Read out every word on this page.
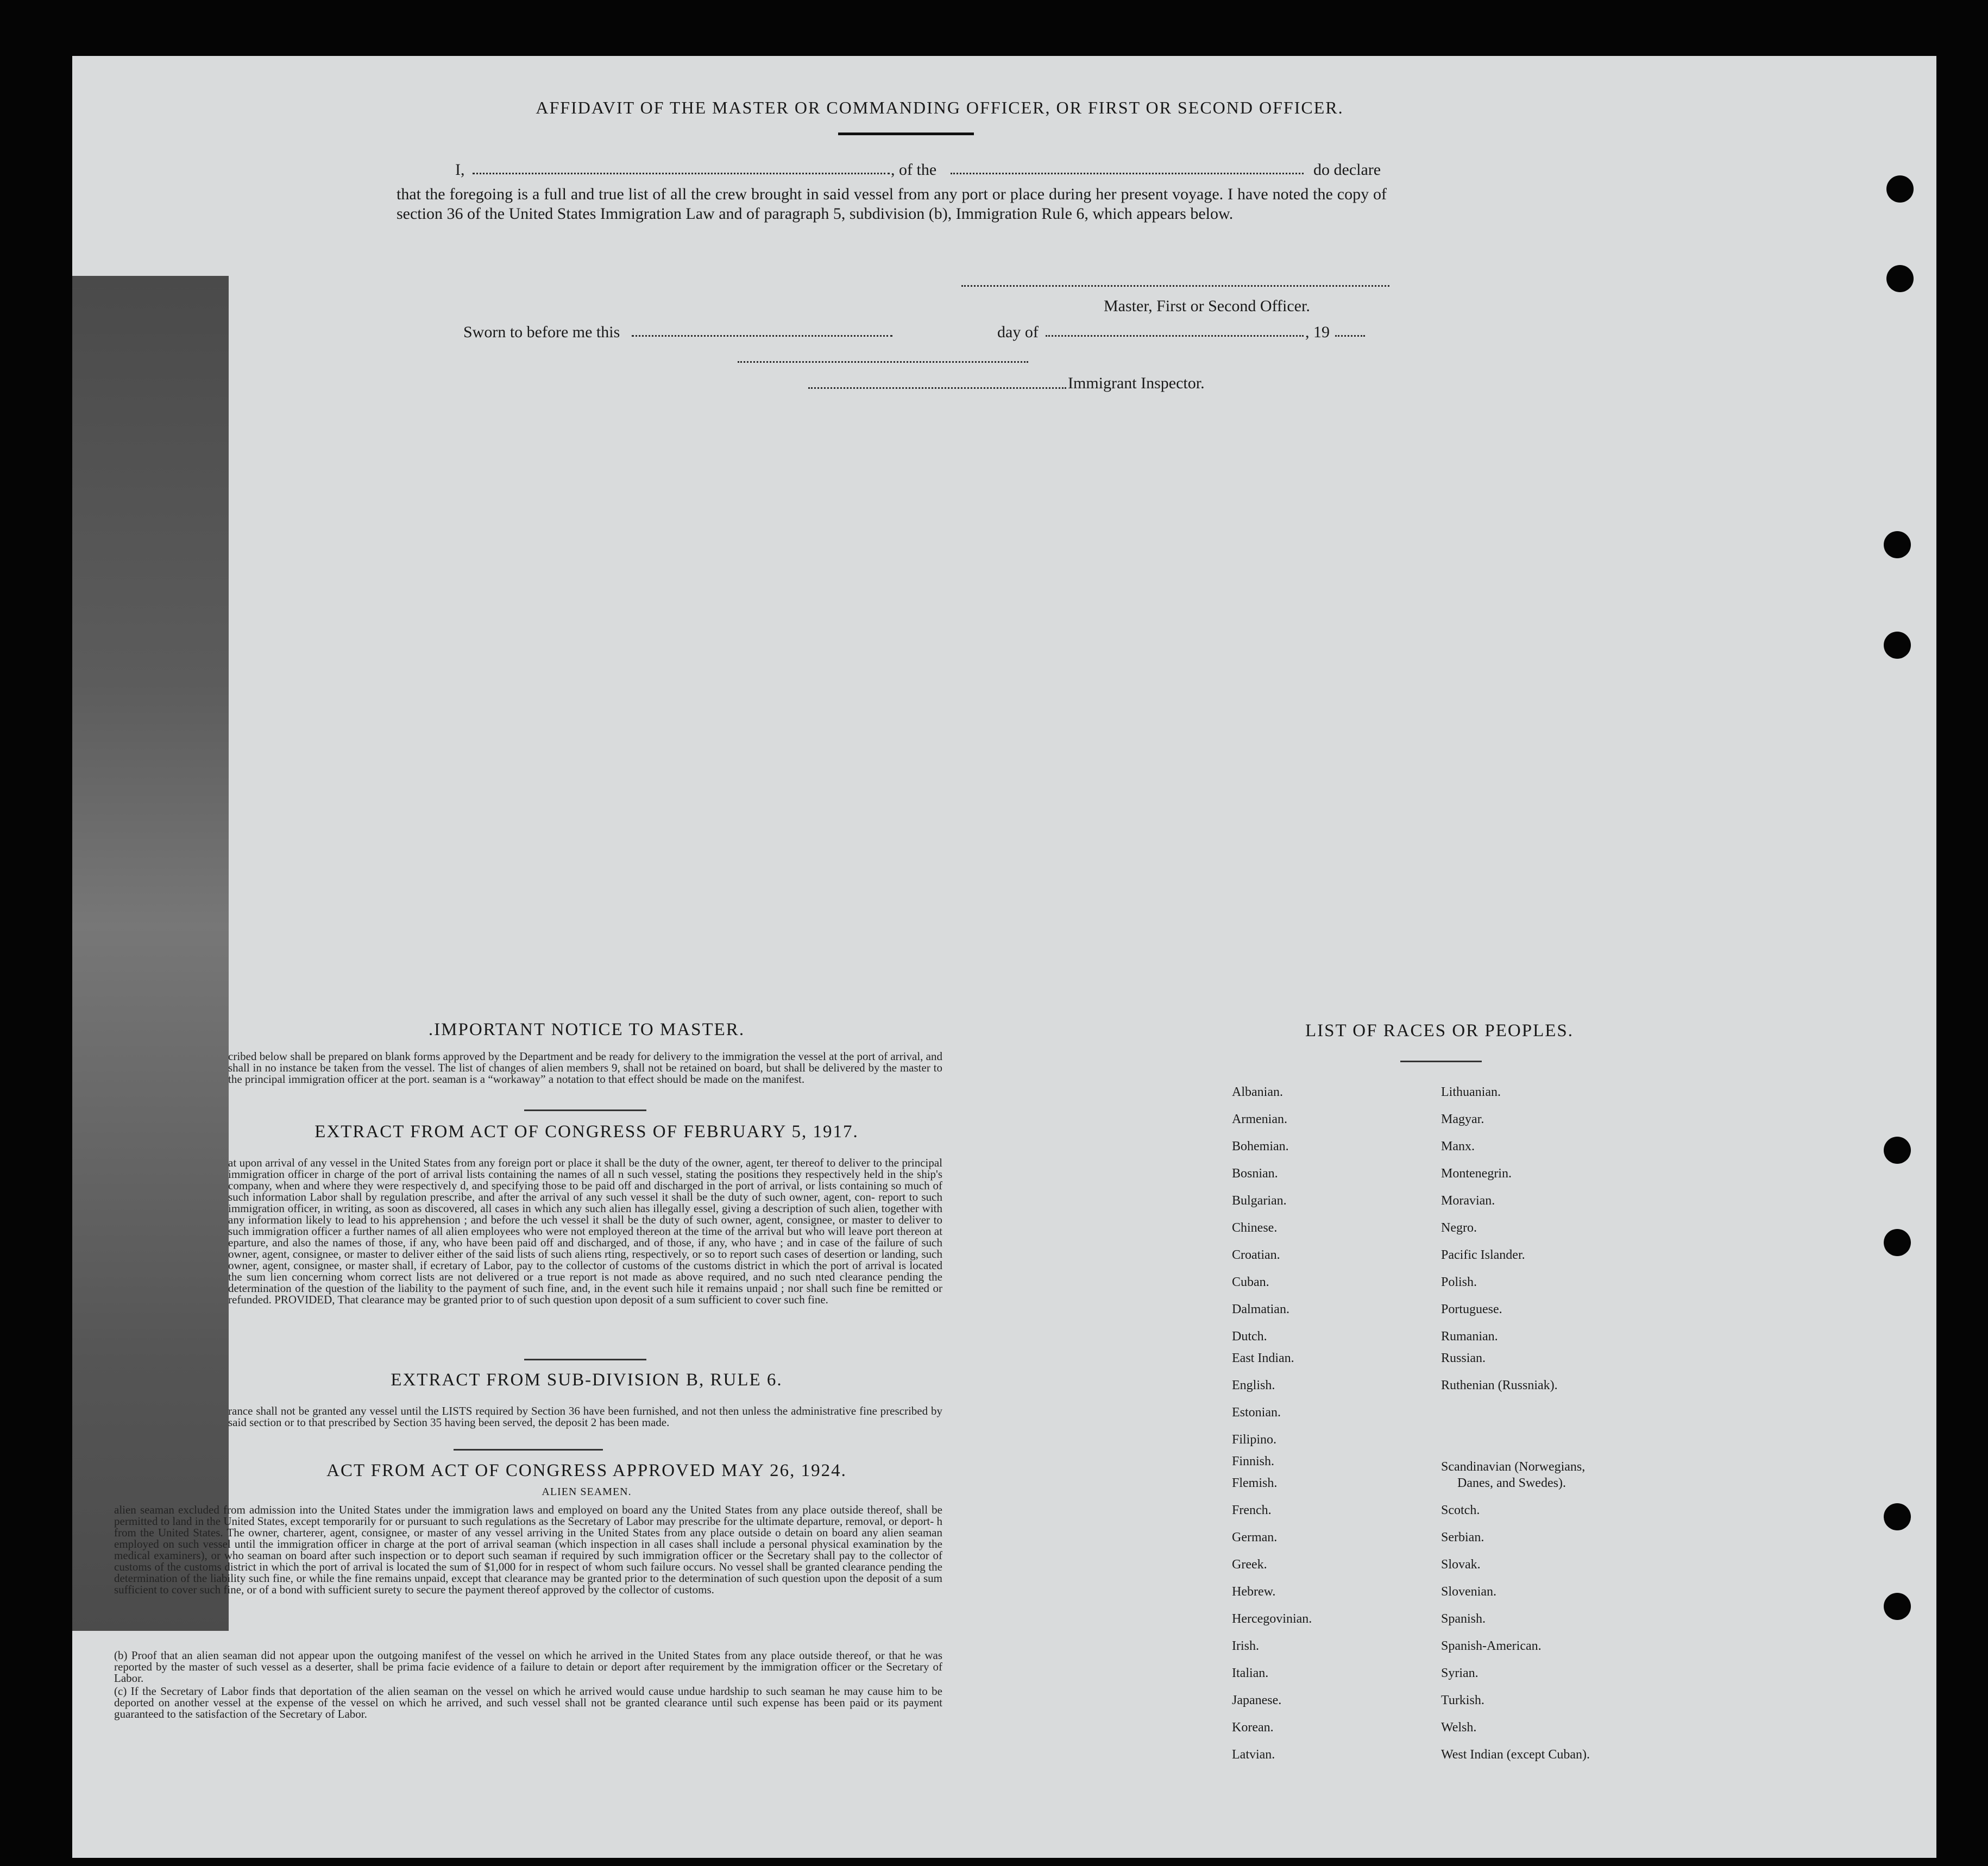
AFFIDAVIT OF THE MASTER OR COMMANDING OFFICER, OR FIRST OR SECOND OFFICER.
I,	, of the	do declare
that the foregoing is a full and true list of all the crew brought in said vessel from any port or place during her present voyage. I have noted the copy of section 36 of the United States Immigration Law and of paragraph 5, subdivision (b), Immigration Rule 6, which appears below.
Master, First or Second Officer.
Sworn to before me this	day of	, 19
Immigrant Inspector.
.IMPORTANT NOTICE TO MASTER.
cribed below shall be prepared on blank forms approved by the Department and be ready for delivery to the immigration the vessel at the port of arrival, and shall in no instance be taken from the vessel. The list of changes of alien members 9, shall not be retained on board, but shall be delivered by the master to the principal immigration officer at the port. seaman is a “workaway” a notation to that effect should be made on the manifest.
EXTRACT FROM ACT OF CONGRESS OF FEBRUARY 5, 1917.
at upon arrival of any vessel in the United States from any foreign port or place it shall be the duty of the owner, agent, ter thereof to deliver to the principal immigration officer in charge of the port of arrival lists containing the names of all n such vessel, stating the positions they respectively held in the ship's company, when and where they were respectively d, and specifying those to be paid off and discharged in the port of arrival, or lists containing so much of such information Labor shall by regulation prescribe, and after the arrival of any such vessel it shall be the duty of such owner, agent, con- report to such immigration officer, in writing, as soon as discovered, all cases in which any such alien has illegally essel, giving a description of such alien, together with any information likely to lead to his apprehension ; and before the uch vessel it shall be the duty of such owner, agent, consignee, or master to deliver to such immigration officer a further names of all alien employees who were not employed thereon at the time of the arrival but who will leave port thereon at eparture, and also the names of those, if any, who have been paid off and discharged, and of those, if any, who have ; and in case of the failure of such owner, agent, consignee, or master to deliver either of the said lists of such aliens rting, respectively, or so to report such cases of desertion or landing, such owner, agent, consignee, or master shall, if ecretary of Labor, pay to the collector of customs of the customs district in which the port of arrival is located the sum lien concerning whom correct lists are not delivered or a true report is not made as above required, and no such nted clearance pending the determination of the question of the liability to the payment of such fine, and, in the event such hile it remains unpaid ; nor shall such fine be remitted or refunded. PROVIDED, That clearance may be granted prior to of such question upon deposit of a sum sufficient to cover such fine.
EXTRACT FROM SUB-DIVISION B, RULE 6.
rance shall not be granted any vessel until the LISTS required by Section 36 have been furnished, and not then unless the administrative fine prescribed by said section or to that prescribed by Section 35 having been served, the deposit 2 has been made.
ACT FROM ACT OF CONGRESS APPROVED MAY 26, 1924.
ALIEN SEAMEN.
alien seaman excluded from admission into the United States under the immigration laws and employed on board any the United States from any place outside thereof, shall be permitted to land in the United States, except temporarily for or pursuant to such regulations as the Secretary of Labor may prescribe for the ultimate departure, removal, or deport- h from the United States. The owner, charterer, agent, consignee, or master of any vessel arriving in the United States from any place outside o detain on board any alien seaman employed on such vessel until the immigration officer in charge at the port of arrival seaman (which inspection in all cases shall include a personal physical examination by the medical examiners), or who seaman on board after such inspection or to deport such seaman if required by such immigration officer or the Secretary shall pay to the collector of customs of the customs district in which the port of arrival is located the sum of $1,000 for in respect of whom such failure occurs. No vessel shall be granted clearance pending the determination of the liability such fine, or while the fine remains unpaid, except that clearance may be granted prior to the determination of such question upon the deposit of a sum sufficient to cover such fine, or of a bond with sufficient surety to secure the payment thereof approved by the collector of customs.
(b) Proof that an alien seaman did not appear upon the outgoing manifest of the vessel on which he arrived in the United States from any place outside thereof, or that he was reported by the master of such vessel as a deserter, shall be prima facie evidence of a failure to detain or deport after requirement by the immigration officer or the Secretary of Labor.
(c) If the Secretary of Labor finds that deportation of the alien seaman on the vessel on which he arrived would cause undue hardship to such seaman he may cause him to be deported on another vessel at the expense of the vessel on which he arrived, and such vessel shall not be granted clearance until such expense has been paid or its payment guaranteed to the satisfaction of the Secretary of Labor.
LIST OF RACES OR PEOPLES.
Albanian.
Armenian.
Bohemian.
Bosnian.
Bulgarian.
Chinese.
Croatian.
Cuban.
Dalmatian.
Dutch.
East Indian.
English.
Estonian.
Filipino.
Finnish.
Flemish.
French.
German.
Greek.
Hebrew.
Hercegovinian.
Irish.
Italian.
Japanese.
Korean.
Latvian.
Lithuanian.
Magyar.
Manx.
Montenegrin.
Moravian.
Negro.
Pacific Islander.
Polish.
Portuguese.
Rumanian.
Russian.
Ruthenian (Russniak).
Scandinavian (Norwegians,
Danes, and Swedes).
Scotch.
Serbian.
Slovak.
Slovenian.
Spanish.
Spanish-American.
Syrian.
Turkish.
Welsh.
West Indian (except Cuban).
